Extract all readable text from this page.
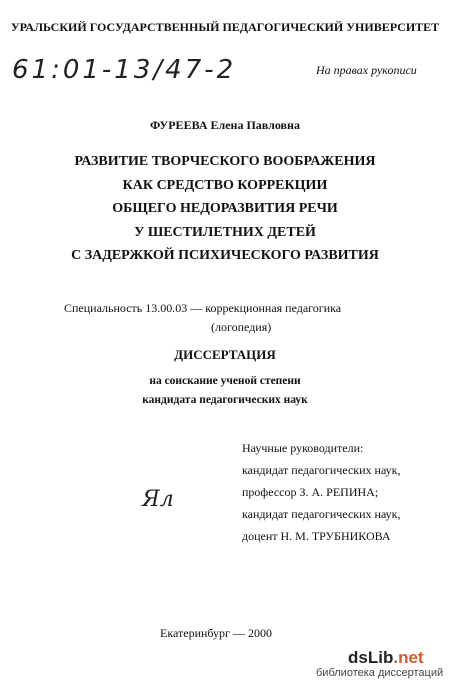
УРАЛЬСКИЙ ГОСУДАРСТВЕННЫЙ ПЕДАГОГИЧЕСКИЙ УНИВЕРСИТЕТ
61:01-13/47-2	На правах рукописи
ФУРЕЕВА Елена Павловна
РАЗВИТИЕ ТВОРЧЕСКОГО ВООБРАЖЕНИЯ
КАК СРЕДСТВО КОРРЕКЦИИ
ОБЩЕГО НЕДОРАЗВИТИЯ РЕЧИ
У ШЕСТИЛЕТНИХ ДЕТЕЙ
С ЗАДЕРЖКОЙ ПСИХИЧЕСКОГО РАЗВИТИЯ
Специальность 13.00.03 — коррекционная педагогика
(логопедия)
ДИССЕРТАЦИЯ
на соискание ученой степени
кандидата педагогических наук
Научные руководители:
кандидат педагогических наук,
профессор З. А. РЕПИНА;
кандидат педагогических наук,
доцент Н. М. ТРУБНИКОВА
Ял
Екатеринбург — 2000
dsLib.net
библиотека диссертаций
